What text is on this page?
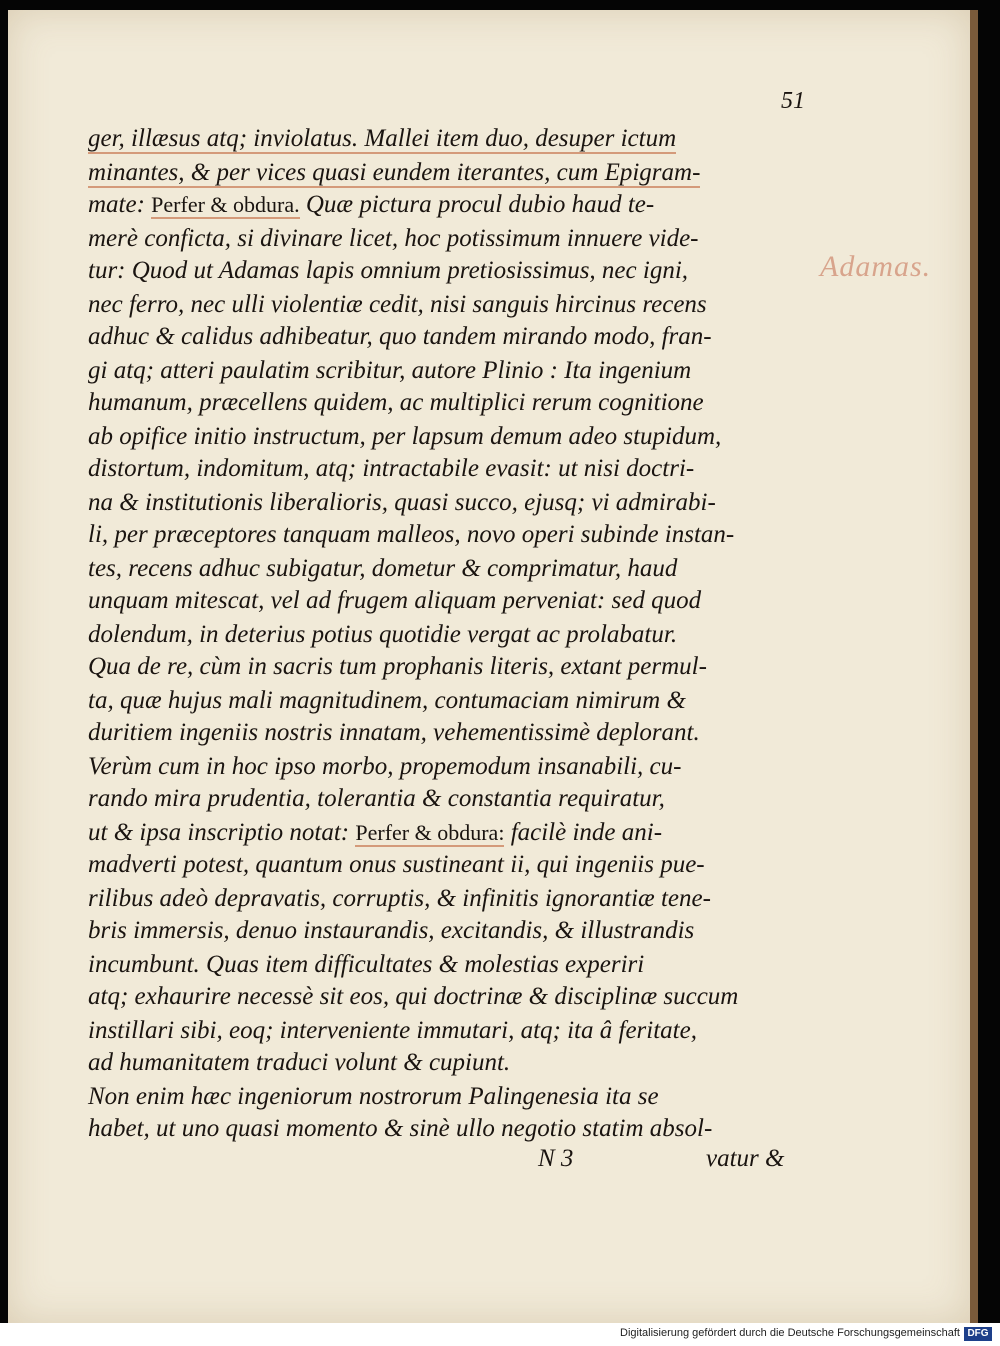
51
Adamas.
ger, illæsus atq; inviolatus. Mallei item duo, desuper ictum
minantes, & per vices quasi eundem iterantes, cum Epigram-
mate: Perfer & obdura. Quæ pictura procul dubio haud te-
merè conficta, si divinare licet, hoc potissimum innuere vide-
tur: Quod ut Adamas lapis omnium pretiosissimus, nec igni,
nec ferro, nec ulli violentiæ cedit, nisi sanguis hircinus recens
adhuc & calidus adhibeatur, quo tandem mirando modo, fran-
gi atq; atteri paulatim scribitur, autore Plinio : Ita ingenium
humanum, præcellens quidem, ac multiplici rerum cognitione
ab opifice initio instructum, per lapsum demum adeo stupidum,
distortum, indomitum, atq; intractabile evasit: ut nisi doctri-
na & institutionis liberalioris, quasi succo, ejusq; vi admirabi-
li, per præceptores tanquam malleos, novo operi subinde instan-
tes, recens adhuc subigatur, dometur & comprimatur, haud
unquam mitescat, vel ad frugem aliquam perveniat: sed quod
dolendum, in deterius potius quotidie vergat ac prolabatur.
Qua de re, cùm in sacris tum prophanis literis, extant permul-
ta, quæ hujus mali magnitudinem, contumaciam nimirum &
duritiem ingeniis nostris innatam, vehementissimè deplorant.
Verùm cum in hoc ipso morbo, propemodum insanabili, cu-
rando mira prudentia, tolerantia & constantia requiratur,
ut & ipsa inscriptio notat: Perfer & obdura: facilè inde ani-
madverti potest, quantum onus sustineant ii, qui ingeniis pue-
rilibus adeò depravatis, corruptis, & infinitis ignorantiæ tene-
bris immersis, denuo instaurandis, excitandis, & illustrandis
incumbunt. Quas item difficultates & molestias experiri
atq; exhaurire necessè sit eos, qui doctrinæ & disciplinæ succum
instillari sibi, eoq; interveniente immutari, atq; ita â feritate,
ad humanitatem traduci volunt & cupiunt.
Non enim hæc ingeniorum nostrorum Palingenesia ita se
habet, ut uno quasi momento & sinè ullo negotio statim absol-
N 3	vatur &
Digitalisierung gefördert durch die Deutsche Forschungsgemeinschaft DFG
